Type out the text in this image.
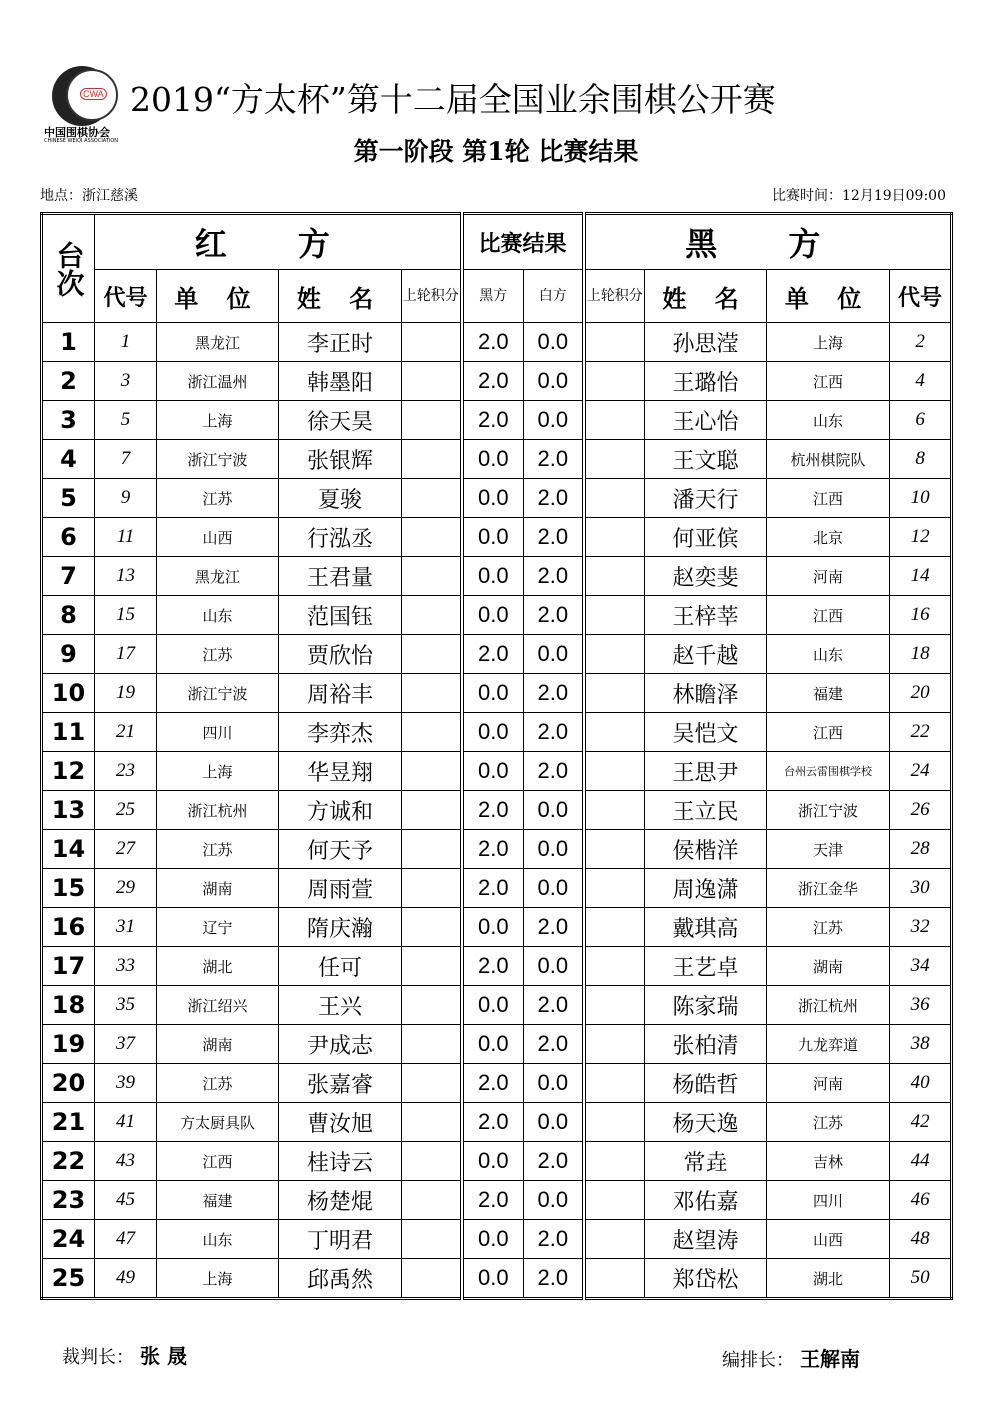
CWA
中国围棋协会
CHINESE WEIQI ASSOCIATION
2019“方太杯”第十二届全国业余围棋公开赛
第一阶段 第1轮 比赛结果
地点：浙江慈溪	比赛时间：12月19日09:00
台次	红 方				比赛结果		黑 方			
	代号	单 位	姓 名	上轮积分	黑方	白方	上轮积分	姓 名	单 位	代号
1	1	黑龙江	李正时		2.0	0.0		孙思滢	上海	2
2	3	浙江温州	韩墨阳		2.0	0.0		王璐怡	江西	4
3	5	上海	徐天昊		2.0	0.0		王心怡	山东	6
4	7	浙江宁波	张银辉		0.0	2.0		王文聪	杭州棋院队	8
5	9	江苏	夏骏		0.0	2.0		潘天行	江西	10
6	11	山西	行泓丞		0.0	2.0		何亚傧	北京	12
7	13	黑龙江	王君量		0.0	2.0		赵奕斐	河南	14
8	15	山东	范国钰		0.0	2.0		王梓莘	江西	16
9	17	江苏	贾欣怡		2.0	0.0		赵千越	山东	18
10	19	浙江宁波	周裕丰		0.0	2.0		林瞻泽	福建	20
11	21	四川	李弈杰		0.0	2.0		吴恺文	江西	22
12	23	上海	华昱翔		0.0	2.0		王思尹	台州云雷围棋学校	24
13	25	浙江杭州	方诚和		2.0	0.0		王立民	浙江宁波	26
14	27	江苏	何天予		2.0	0.0		侯楷洋	天津	28
15	29	湖南	周雨萱		2.0	0.0		周逸潇	浙江金华	30
16	31	辽宁	隋庆瀚		0.0	2.0		戴琪高	江苏	32
17	33	湖北	任可		2.0	0.0		王艺卓	湖南	34
18	35	浙江绍兴	王兴		0.0	2.0		陈家瑞	浙江杭州	36
19	37	湖南	尹成志		0.0	2.0		张柏清	九龙弈道	38
20	39	江苏	张嘉睿		2.0	0.0		杨皓哲	河南	40
21	41	方太厨具队	曹汝旭		2.0	0.0		杨天逸	江苏	42
22	43	江西	桂诗云		0.0	2.0		常垚	吉林	44
23	45	福建	杨楚焜		2.0	0.0		邓佑嘉	四川	46
24	47	山东	丁明君		0.0	2.0		赵望涛	山西	48
25	49	上海	邱禹然		0.0	2.0		郑岱松	湖北	50
裁判长： 张 晟	编排长： 王解南
